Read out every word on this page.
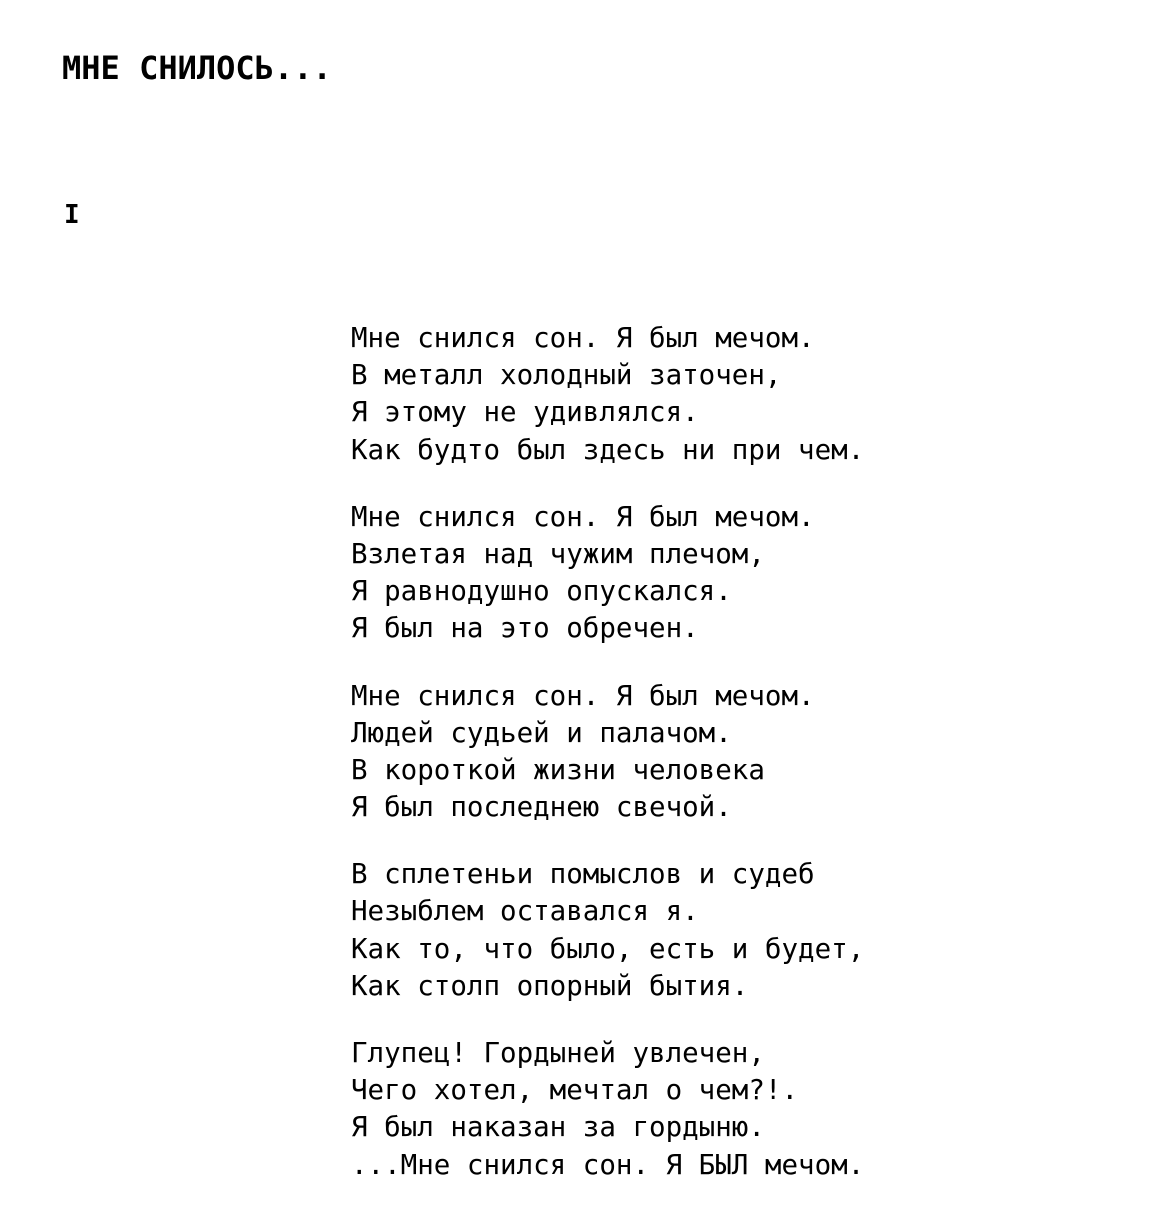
МНЕ СНИЛОСЬ...
I
Мне снился сон. Я был мечом.
В металл холодный заточен,
Я этому не удивлялся.
Как будто был здесь ни при чем.
Мне снился сон. Я был мечом.
Взлетая над чужим плечом,
Я равнодушно опускался.
Я был на это обречен.
Мне снился сон. Я был мечом.
Людей судьей и палачом.
В короткой жизни человека
Я был последнею свечой.
В сплетеньи помыслов и судеб
Незыблем оставался я.
Как то, что было, есть и будет,
Как столп опорный бытия.
Глупец! Гордыней увлечен,
Чего хотел, мечтал о чем?!.
Я был наказан за гордыню.
...Мне снился сон. Я БЫЛ мечом.
